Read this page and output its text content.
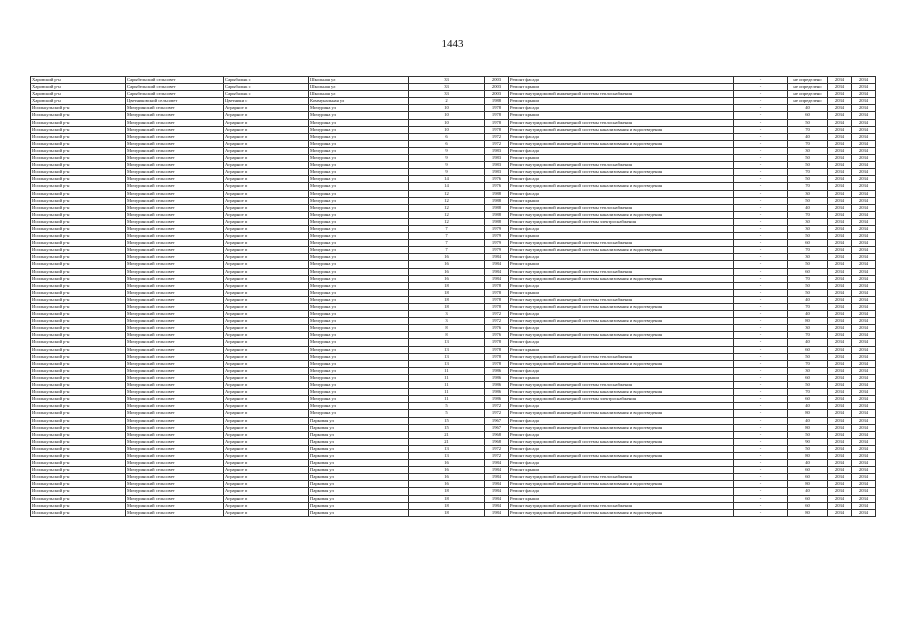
1443
Харовский р-н	Сарыбельский сельсовет	Сарыбалык с	Школьная ул	33	2003	Ремонт фасада	-	не определено	2034	2034
Харовский р-н	Сарыбельский сельсовет	Сарыбалык с	Школьная ул	33	2003	Ремонт крыши	-	не определено	2034	2034
Харовский р-н	Сарыбельский сельсовет	Сарыбалык с	Школьная ул	33	2003	Ремонт внутридомовой инженерной системы теплоснабжения	-	не определено	2034	2034
Харовский р-н	Цветниковский сельсовет	Цветники с	Коммунальная ул	2	1988	Ремонт крыши	-	не определено	2034	2034
Исилькульский р-н	Мичуринский сельсовет	Аграрное п	Мичурина ул	10	1978	Ремонт фасада	-	40	2034	2034
Исилькульский р-н	Мичуринский сельсовет	Аграрное п	Мичурина ул	10	1978	Ремонт крыши	-	60	2034	2034
Исилькульский р-н	Мичуринский сельсовет	Аграрное п	Мичурина ул	10	1978	Ремонт внутридомовой инженерной системы теплоснабжения	-	50	2034	2034
Исилькульский р-н	Мичуринский сельсовет	Аграрное п	Мичурина ул	10	1978	Ремонт внутридомовой инженерной системы канализования и водоотведения	-	70	2034	2034
Исилькульский р-н	Мичуринский сельсовет	Аграрное п	Мичурина ул	6	1972	Ремонт фасада	-	40	2034	2034
Исилькульский р-н	Мичуринский сельсовет	Аграрное п	Мичурина ул	6	1972	Ремонт внутридомовой инженерной системы канализования и водоотведения	-	70	2034	2034
Исилькульский р-н	Мичуринский сельсовет	Аграрное п	Мичурина ул	9	1983	Ремонт фасада	-	30	2034	2034
Исилькульский р-н	Мичуринский сельсовет	Аграрное п	Мичурина ул	9	1983	Ремонт крыши	-	50	2034	2034
Исилькульский р-н	Мичуринский сельсовет	Аграрное п	Мичурина ул	9	1983	Ремонт внутридомовой инженерной системы теплоснабжения	-	50	2034	2034
Исилькульский р-н	Мичуринский сельсовет	Аграрное п	Мичурина ул	9	1983	Ремонт внутридомовой инженерной системы канализования и водоотведения	-	70	2034	2034
Исилькульский р-н	Мичуринский сельсовет	Аграрное п	Мичурина ул	14	1976	Ремонт фасада	-	50	2034	2034
Исилькульский р-н	Мичуринский сельсовет	Аграрное п	Мичурина ул	14	1976	Ремонт внутридомовой инженерной системы канализования и водоотведения	-	70	2034	2034
Исилькульский р-н	Мичуринский сельсовет	Аграрное п	Мичурина ул	12	1988	Ремонт фасада	-	30	2034	2034
Исилькульский р-н	Мичуринский сельсовет	Аграрное п	Мичурина ул	12	1988	Ремонт крыши	-	50	2034	2034
Исилькульский р-н	Мичуринский сельсовет	Аграрное п	Мичурина ул	12	1988	Ремонт внутридомовой инженерной системы теплоснабжения	-	40	2034	2034
Исилькульский р-н	Мичуринский сельсовет	Аграрное п	Мичурина ул	12	1988	Ремонт внутридомовой инженерной системы канализования и водоотведения	-	70	2034	2034
Исилькульский р-н	Мичуринский сельсовет	Аграрное п	Мичурина ул	12	1988	Ремонт внутридомовой инженерной системы электроснабжения	-	30	2034	2034
Исилькульский р-н	Мичуринский сельсовет	Аграрное п	Мичурина ул	7	1979	Ремонт фасада	-	30	2034	2034
Исилькульский р-н	Мичуринский сельсовет	Аграрное п	Мичурина ул	7	1979	Ремонт крыши	-	50	2034	2034
Исилькульский р-н	Мичуринский сельсовет	Аграрное п	Мичурина ул	7	1979	Ремонт внутридомовой инженерной системы теплоснабжения	-	60	2034	2034
Исилькульский р-н	Мичуринский сельсовет	Аграрное п	Мичурина ул	7	1979	Ремонт внутридомовой инженерной системы канализования и водоотведения	-	70	2034	2034
Исилькульский р-н	Мичуринский сельсовет	Аграрное п	Мичурина ул	16	1984	Ремонт фасада	-	30	2034	2034
Исилькульский р-н	Мичуринский сельсовет	Аграрное п	Мичурина ул	16	1984	Ремонт крыши	-	50	2034	2034
Исилькульский р-н	Мичуринский сельсовет	Аграрное п	Мичурина ул	16	1984	Ремонт внутридомовой инженерной системы теплоснабжения	-	60	2034	2034
Исилькульский р-н	Мичуринский сельсовет	Аграрное п	Мичурина ул	16	1984	Ремонт внутридомовой инженерной системы канализования и водоотведения	-	70	2034	2034
Исилькульский р-н	Мичуринский сельсовет	Аграрное п	Мичурина ул	18	1978	Ремонт фасада	-	50	2034	2034
Исилькульский р-н	Мичуринский сельсовет	Аграрное п	Мичурина ул	18	1978	Ремонт крыши	-	50	2034	2034
Исилькульский р-н	Мичуринский сельсовет	Аграрное п	Мичурина ул	18	1978	Ремонт внутридомовой инженерной системы теплоснабжения	-	40	2034	2034
Исилькульский р-н	Мичуринский сельсовет	Аграрное п	Мичурина ул	18	1978	Ремонт внутридомовой инженерной системы канализования и водоотведения	-	70	2034	2034
Исилькульский р-н	Мичуринский сельсовет	Аграрное п	Мичурина ул	3	1972	Ремонт фасада	-	40	2034	2034
Исилькульский р-н	Мичуринский сельсовет	Аграрное п	Мичурина ул	3	1972	Ремонт внутридомовой инженерной системы канализования и водоотведения	-	80	2034	2034
Исилькульский р-н	Мичуринский сельсовет	Аграрное п	Мичурина ул	8	1976	Ремонт фасада	-	30	2034	2034
Исилькульский р-н	Мичуринский сельсовет	Аграрное п	Мичурина ул	8	1976	Ремонт внутридомовой инженерной системы канализования и водоотведения	-	70	2034	2034
Исилькульский р-н	Мичуринский сельсовет	Аграрное п	Мичурина ул	13	1978	Ремонт фасада	-	40	2034	2034
Исилькульский р-н	Мичуринский сельсовет	Аграрное п	Мичурина ул	13	1978	Ремонт крыши	-	60	2034	2034
Исилькульский р-н	Мичуринский сельсовет	Аграрное п	Мичурина ул	13	1978	Ремонт внутридомовой инженерной системы теплоснабжения	-	50	2034	2034
Исилькульский р-н	Мичуринский сельсовет	Аграрное п	Мичурина ул	13	1978	Ремонт внутридомовой инженерной системы канализования и водоотведения	-	70	2034	2034
Исилькульский р-н	Мичуринский сельсовет	Аграрное п	Мичурина ул	11	1986	Ремонт фасада	-	30	2034	2034
Исилькульский р-н	Мичуринский сельсовет	Аграрное п	Мичурина ул	11	1986	Ремонт крыши	-	60	2034	2034
Исилькульский р-н	Мичуринский сельсовет	Аграрное п	Мичурина ул	11	1986	Ремонт внутридомовой инженерной системы теплоснабжения	-	50	2034	2034
Исилькульский р-н	Мичуринский сельсовет	Аграрное п	Мичурина ул	11	1986	Ремонт внутридомовой инженерной системы канализования и водоотведения	-	70	2034	2034
Исилькульский р-н	Мичуринский сельсовет	Аграрное п	Мичурина ул	11	1986	Ремонт внутридомовой инженерной системы электроснабжения	-	60	2034	2034
Исилькульский р-н	Мичуринский сельсовет	Аграрное п	Мичурина ул	5	1972	Ремонт фасада	-	40	2034	2034
Исилькульский р-н	Мичуринский сельсовет	Аграрное п	Мичурина ул	5	1972	Ремонт внутридомовой инженерной системы канализования и водоотведения	-	80	2034	2034
Исилькульский р-н	Мичуринский сельсовет	Аграрное п	Парковая ул	15	1967	Ремонт фасада	-	40	2034	2034
Исилькульский р-н	Мичуринский сельсовет	Аграрное п	Парковая ул	15	1967	Ремонт внутридомовой инженерной системы канализования и водоотведения	-	80	2034	2034
Исилькульский р-н	Мичуринский сельсовет	Аграрное п	Парковая ул	21	1968	Ремонт фасада	-	50	2034	2034
Исилькульский р-н	Мичуринский сельсовет	Аграрное п	Парковая ул	21	1968	Ремонт внутридомовой инженерной системы канализования и водоотведения	-	90	2034	2034
Исилькульский р-н	Мичуринский сельсовет	Аграрное п	Парковая ул	13	1972	Ремонт фасада	-	50	2034	2034
Исилькульский р-н	Мичуринский сельсовет	Аграрное п	Парковая ул	13	1972	Ремонт внутридомовой инженерной системы канализования и водоотведения	-	80	2034	2034
Исилькульский р-н	Мичуринский сельсовет	Аграрное п	Парковая ул	16	1984	Ремонт фасада	-	40	2034	2034
Исилькульский р-н	Мичуринский сельсовет	Аграрное п	Парковая ул	16	1984	Ремонт крыши	-	60	2034	2034
Исилькульский р-н	Мичуринский сельсовет	Аграрное п	Парковая ул	16	1984	Ремонт внутридомовой инженерной системы теплоснабжения	-	60	2034	2034
Исилькульский р-н	Мичуринский сельсовет	Аграрное п	Парковая ул	16	1984	Ремонт внутридомовой инженерной системы канализования и водоотведения	-	80	2034	2034
Исилькульский р-н	Мичуринский сельсовет	Аграрное п	Парковая ул	18	1984	Ремонт фасада	-	40	2034	2034
Исилькульский р-н	Мичуринский сельсовет	Аграрное п	Парковая ул	18	1984	Ремонт крыши	-	60	2034	2034
Исилькульский р-н	Мичуринский сельсовет	Аграрное п	Парковая ул	18	1984	Ремонт внутридомовой инженерной системы теплоснабжения	-	60	2034	2034
Исилькульский р-н	Мичуринский сельсовет	Аграрное п	Парковая ул	18	1984	Ремонт внутридомовой инженерной системы канализования и водоотведения	-	80	2034	2034
